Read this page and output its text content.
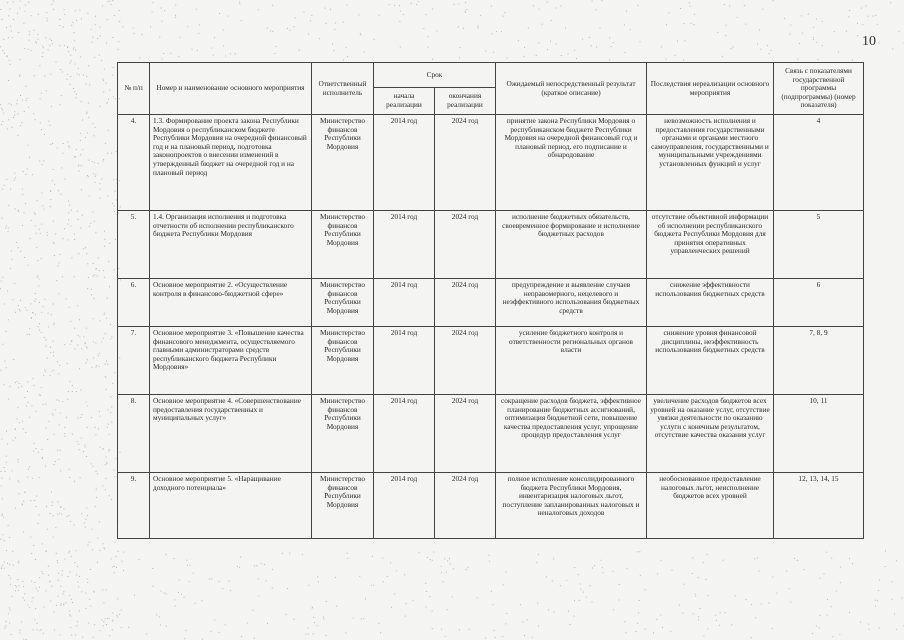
10
№ п/п	Номер и наименование основного мероприятия	Ответственный исполнитель	Срок		Ожидаемый непосредственный результат (краткое описание)	Последствия нереализации основного мероприятия	Связь с показателями государственной программы (подпрограммы) (номер показателя)
			начала реализации	окончания реализации			
4.	1.3. Формирование проекта закона Республики Мордовия о республиканском бюджете Республики Мордовия на очередной финансовый год и на плановый период, подготовка законопроектов о внесении изменений в утвержденный бюджет на очередной год и на плановый период	Министерство финансов Республики Мордовия	2014 год	2024 год	принятие закона Республики Мордовия о республиканском бюджете Республики Мордовия на очередной финансовый год и плановый период, его подписание и обнародование	невозможность исполнения и предоставления государственными органами и органами местного самоуправления, государственными и муниципальными учреждениями установленных функций и услуг	4
5.	1.4. Организация исполнения и подготовка отчетности об исполнении республиканского бюджета Республики Мордовия	Министерство финансов Республики Мордовия	2014 год	2024 год	исполнение бюджетных обязательств, своевременное формирование и исполнение бюджетных расходов	отсутствие объективной информации об исполнении республиканского бюджета Республики Мордовия для принятия оперативных управленческих решений	5
6.	Основное мероприятие 2. «Осуществление контроля в финансово-бюджетной сфере»	Министерство финансов Республики Мордовия	2014 год	2024 год	предупреждение и выявление случаев неправомерного, нецелевого и неэффективного использования бюджетных средств	снижение эффективности использования бюджетных средств	6
7.	Основное мероприятие 3. «Повышение качества финансового менеджмента, осуществляемого главными администраторами средств республиканского бюджета Республики Мордовия»	Министерство финансов Республики Мордовия	2014 год	2024 год	усиление бюджетного контроля и ответственности региональных органов власти	снижение уровня финансовой дисциплины, неэффективность использования бюджетных средств	7, 8, 9
8.	Основное мероприятие 4. «Совершенствование предоставления государственных и муниципальных услуг»	Министерство финансов Республики Мордовия	2014 год	2024 год	сокращение расходов бюджета, эффективное планирование бюджетных ассигнований, оптимизация бюджетной сети, повышение качества предоставления услуг, упрощение процедур предоставления услуг	увеличение расходов бюджетов всех уровней на оказание услуг, отсутствие увязки деятельности по оказанию услуги с конечным результатом, отсутствие качества оказания услуг	10, 11
9.	Основное мероприятие 5. «Наращивание доходного потенциала»	Министерство финансов Республики Мордовия	2014 год	2024 год	полное исполнение консолидированного бюджета Республики Мордовия, инвентаризация налоговых льгот, поступление запланированных налоговых и неналоговых доходов	необоснованное предоставление налоговых льгот, неисполнение бюджетов всех уровней	12, 13, 14, 15
